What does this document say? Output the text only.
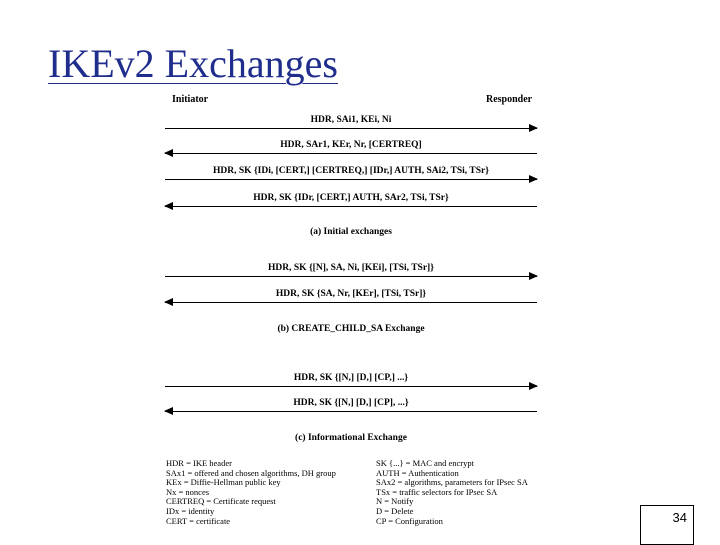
IKEv2 Exchanges
Initiator	Responder
HDR, SAi1, KEi, Ni
HDR, SAr1, KEr, Nr, [CERTREQ]
HDR, SK {IDi, [CERT,] [CERTREQ,] [IDr,] AUTH, SAi2, TSi, TSr}
HDR, SK {IDr, [CERT,] AUTH, SAr2, TSi, TSr}
(a) Initial exchanges
HDR, SK {[N], SA, Ni, [KEi], [TSi, TSr]}
HDR, SK {SA, Nr, [KEr], [TSi, TSr]}
(b) CREATE_CHILD_SA Exchange
HDR, SK {[N,] [D,] [CP,] ...}
HDR, SK {[N,] [D,] [CP], ...}
(c) Informational Exchange
HDR = IKE header
SAx1 = offered and chosen algorithms, DH group
KEx = Diffie-Hellman public key
Nx = nonces
CERTREQ = Certificate request
IDx = identity
CERT = certificate
SK {...} = MAC and encrypt
AUTH = Authentication
SAx2 = algorithms, parameters for IPsec SA
TSx = traffic selectors for IPsec SA
N = Notify
D = Delete
CP = Configuration	34
